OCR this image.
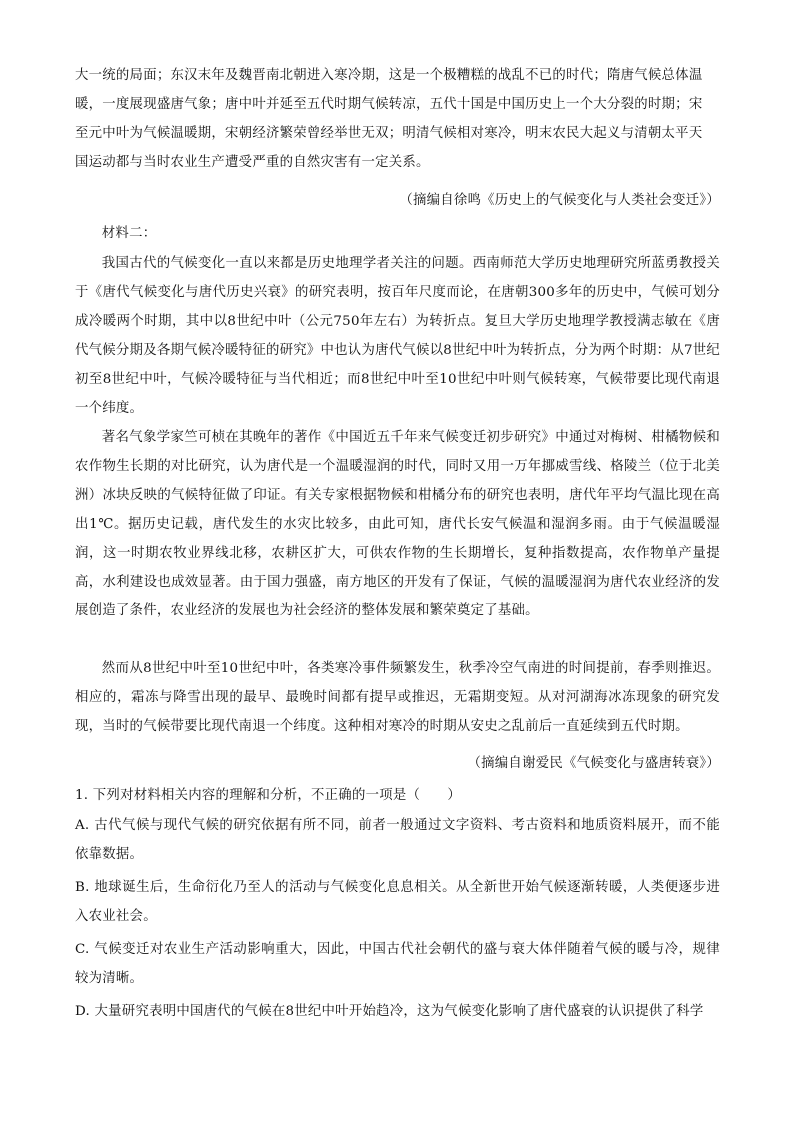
大一统的局面；东汉末年及魏晋南北朝进入寒冷期，这是一个极糟糕的战乱不已的时代；隋唐气候总体温
暖，一度展现盛唐气象；唐中叶并延至五代时期气候转凉，五代十国是中国历史上一个大分裂的时期；宋
至元中叶为气候温暖期，宋朝经济繁荣曾经举世无双；明清气候相对寒冷，明末农民大起义与清朝太平天
国运动都与当时农业生产遭受严重的自然灾害有一定关系。
（摘编自徐鸣《历史上的气候变化与人类社会变迁》）
材料二：
我国古代的气候变化一直以来都是历史地理学者关注的问题。西南师范大学历史地理研究所蓝勇教授关于《唐代气候变化与唐代历史兴衰》的研究表明，按百年尺度而论，在唐朝300多年的历史中，气候可划分成冷暖两个时期，其中以8世纪中叶（公元750年左右）为转折点。复旦大学历史地理学教授满志敏在《唐代气候分期及各期气候冷暖特征的研究》中也认为唐代气候以8世纪中叶为转折点，分为两个时期：从7世纪初至8世纪中叶，气候冷暖特征与当代相近；而8世纪中叶至10世纪中叶则气候转寒，气候带要比现代南退一个纬度。
著名气象学家竺可桢在其晚年的著作《中国近五千年来气候变迁初步研究》中通过对梅树、柑橘物候和农作物生长期的对比研究，认为唐代是一个温暖湿润的时代，同时又用一万年挪威雪线、格陵兰（位于北美洲）冰块反映的气候特征做了印证。有关专家根据物候和柑橘分布的研究也表明，唐代年平均气温比现在高出1℃。据历史记载，唐代发生的水灾比较多，由此可知，唐代长安气候温和湿润多雨。由于气候温暖湿润，这一时期农牧业界线北移，农耕区扩大，可供农作物的生长期增长，复种指数提高，农作物单产量提高，水利建设也成效显著。由于国力强盛，南方地区的开发有了保证，气候的温暖湿润为唐代农业经济的发展创造了条件，农业经济的发展也为社会经济的整体发展和繁荣奠定了基础。
然而从8世纪中叶至10世纪中叶，各类寒冷事件频繁发生，秋季冷空气南进的时间提前，春季则推迟。相应的，霜冻与降雪出现的最早、最晚时间都有提早或推迟，无霜期变短。从对河湖海冰冻现象的研究发现，当时的气候带要比现代南退一个纬度。这种相对寒冷的时期从安史之乱前后一直延续到五代时期。
（摘编自谢爱民《气候变化与盛唐转衰》）
1. 下列对材料相关内容的理解和分析，不正确的一项是（　　）
A. 古代气候与现代气候的研究依据有所不同，前者一般通过文字资料、考古资料和地质资料展开，而不能依靠数据。
B. 地球诞生后，生命衍化乃至人的活动与气候变化息息相关。从全新世开始气候逐渐转暖，人类便逐步进入农业社会。
C. 气候变迁对农业生产活动影响重大，因此，中国古代社会朝代的盛与衰大体伴随着气候的暖与冷，规律较为清晰。
D. 大量研究表明中国唐代的气候在8世纪中叶开始趋冷，这为气候变化影响了唐代盛衰的认识提供了科学
